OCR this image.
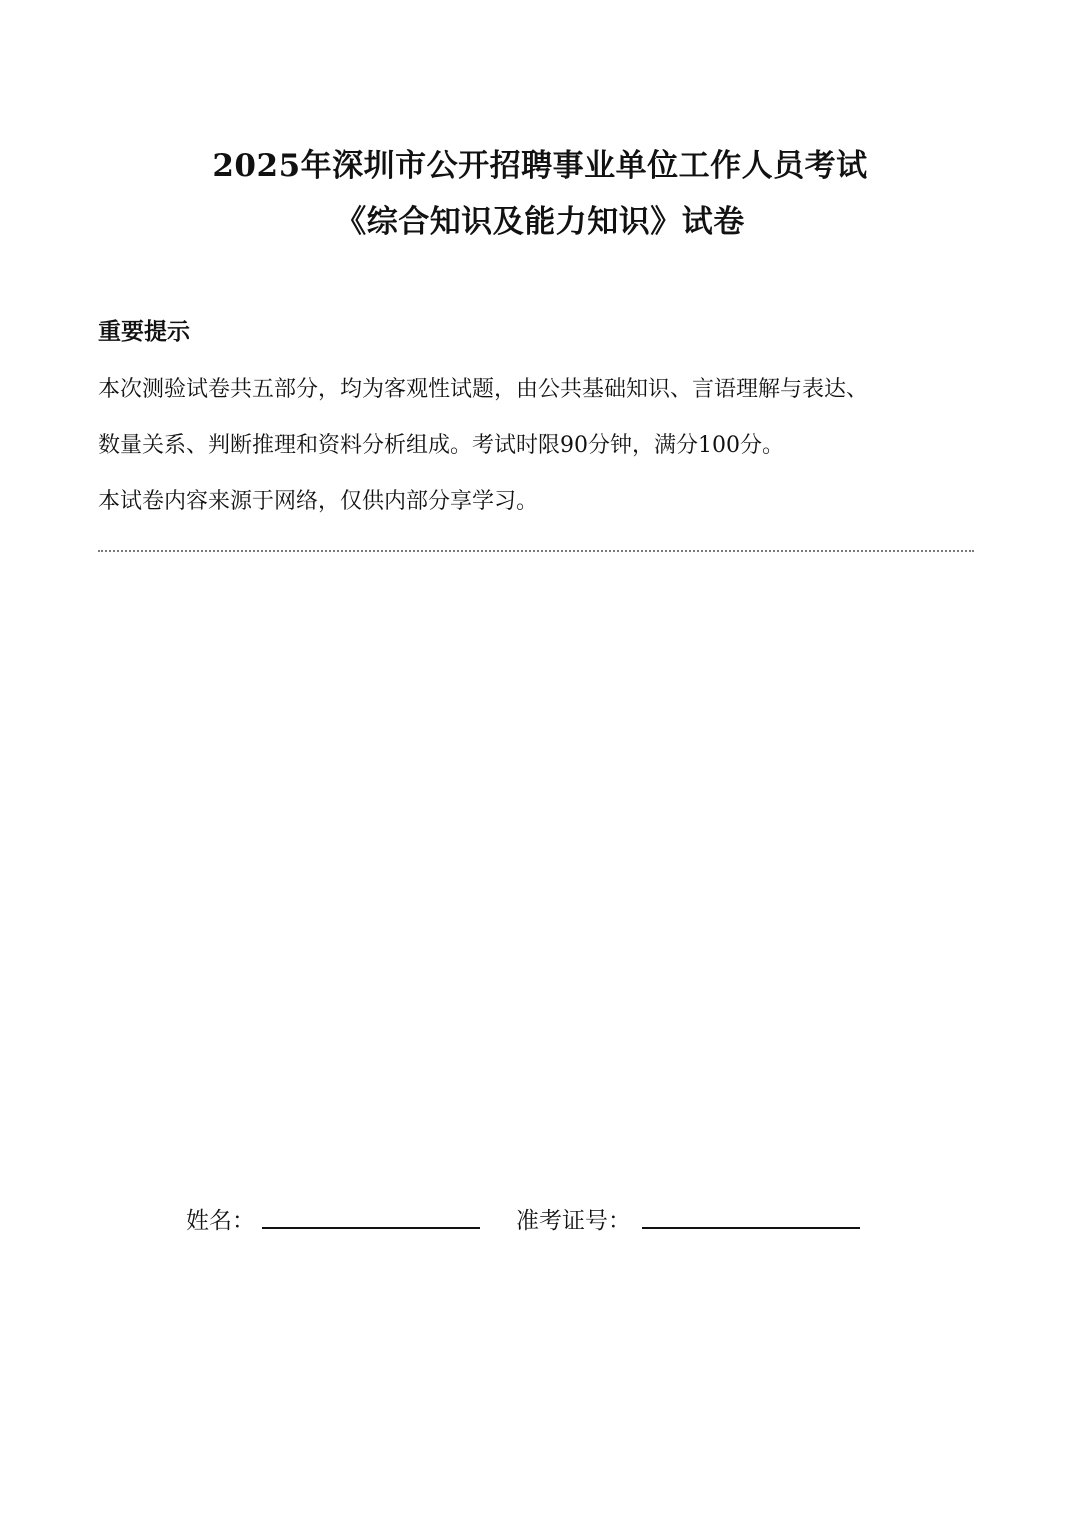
2025年深圳市公开招聘事业单位工作人员考试
《综合知识及能力知识》试卷
重要提示
本次测验试卷共五部分，均为客观性试题，由公共基础知识、言语理解与表达、
数量关系、判断推理和资料分析组成。考试时限90分钟，满分100分。
本试卷内容来源于网络，仅供内部分享学习。
姓名：	准考证号：
